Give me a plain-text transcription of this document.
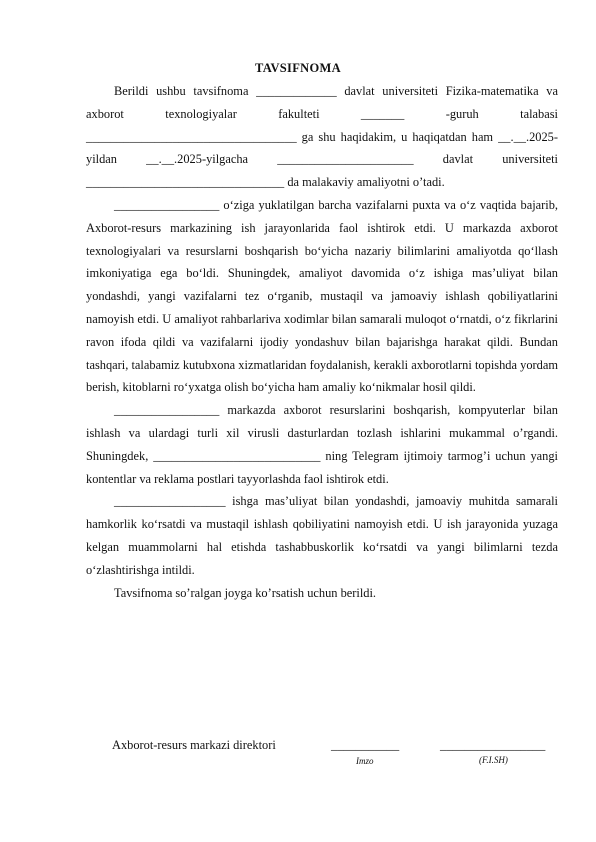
TAVSIFNOMA

Berildi ushbu tavsifnoma _____________ davlat universiteti Fizika-matematika va axborot texnologiyalar fakulteti _______ -guruh talabasi __________________________________ ga shu haqidakim, u haqiqatdan ham __.__.2025-yildan __.__.2025-yilgacha ______________________ davlat universiteti ________________________________ da malakaviy amaliyotni o’tadi.

_________________ o‘ziga yuklatilgan barcha vazifalarni puxta va o‘z vaqtida bajarib, Axborot-resurs markazining ish jarayonlarida faol ishtirok etdi. U markazda axborot texnologiyalari va resurslarni boshqarish bo‘yicha nazariy bilimlarini amaliyotda qo‘llash imkoniyatiga ega bo‘ldi. Shuningdek, amaliyot davomida o‘z ishiga mas’uliyat bilan yondashdi, yangi vazifalarni tez o‘rganib, mustaqil va jamoaviy ishlash qobiliyatlarini namoyish etdi. U amaliyot rahbarlariva xodimlar bilan samarali muloqot o‘rnatdi, o‘z fikrlarini ravon ifoda qildi va vazifalarni ijodiy yondashuv bilan bajarishga harakat qildi. Bundan tashqari, talabamiz kutubxona xizmatlaridan foydalanish, kerakli axborotlarni topishda yordam berish, kitoblarni ro‘yxatga olish bo‘yicha ham amaliy ko‘nikmalar hosil qildi.

_________________ markazda axborot resurslarini boshqarish, kompyuterlar bilan ishlash va ulardagi turli xil virusli dasturlardan tozlash ishlarini mukammal o’rgandi. Shuningdek, ___________________________ ning Telegram ijtimoiy tarmog’i uchun yangi kontentlar va reklama postlari tayyorlashda faol ishtirok etdi.

__________________ ishga mas’uliyat bilan yondashdi, jamoaviy muhitda samarali hamkorlik ko‘rsatdi va mustaqil ishlash qobiliyatini namoyish etdi. U ish jarayonida yuzaga kelgan muammolarni hal etishda tashabbuskorlik ko‘rsatdi va yangi bilimlarni tezda o‘zlashtirishga intildi.

Tavsifnoma so’ralgan joyga ko’rsatish uchun berildi.

Axborot-resurs markazi direktori	___________	_________________
Imzo	(F.I.SH)
